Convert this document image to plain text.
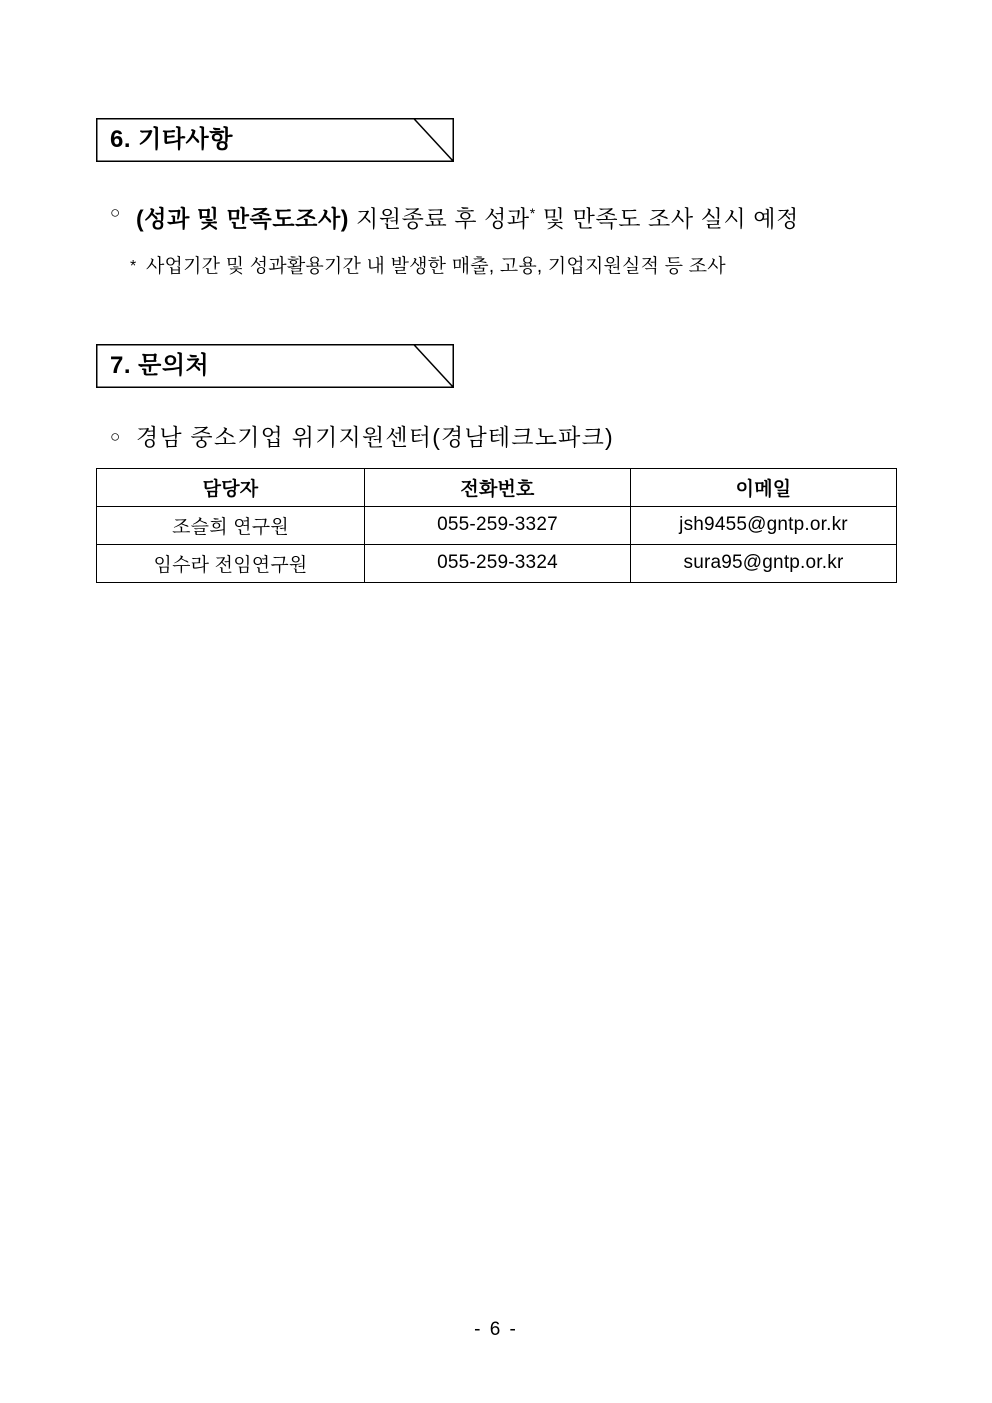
6. 기타사항
○ (성과 및 만족도조사) 지원종료 후 성과* 및 만족도 조사 실시 예정
* 사업기간 및 성과활용기간 내 발생한 매출, 고용, 기업지원실적 등 조사
7. 문의처
○ 경남 중소기업 위기지원센터(경남테크노파크)
담당자	전화번호	이메일
조슬희 연구원	055-259-3327	jsh9455@gntp.or.kr
임수라 전임연구원	055-259-3324	sura95@gntp.or.kr
- 6 -
